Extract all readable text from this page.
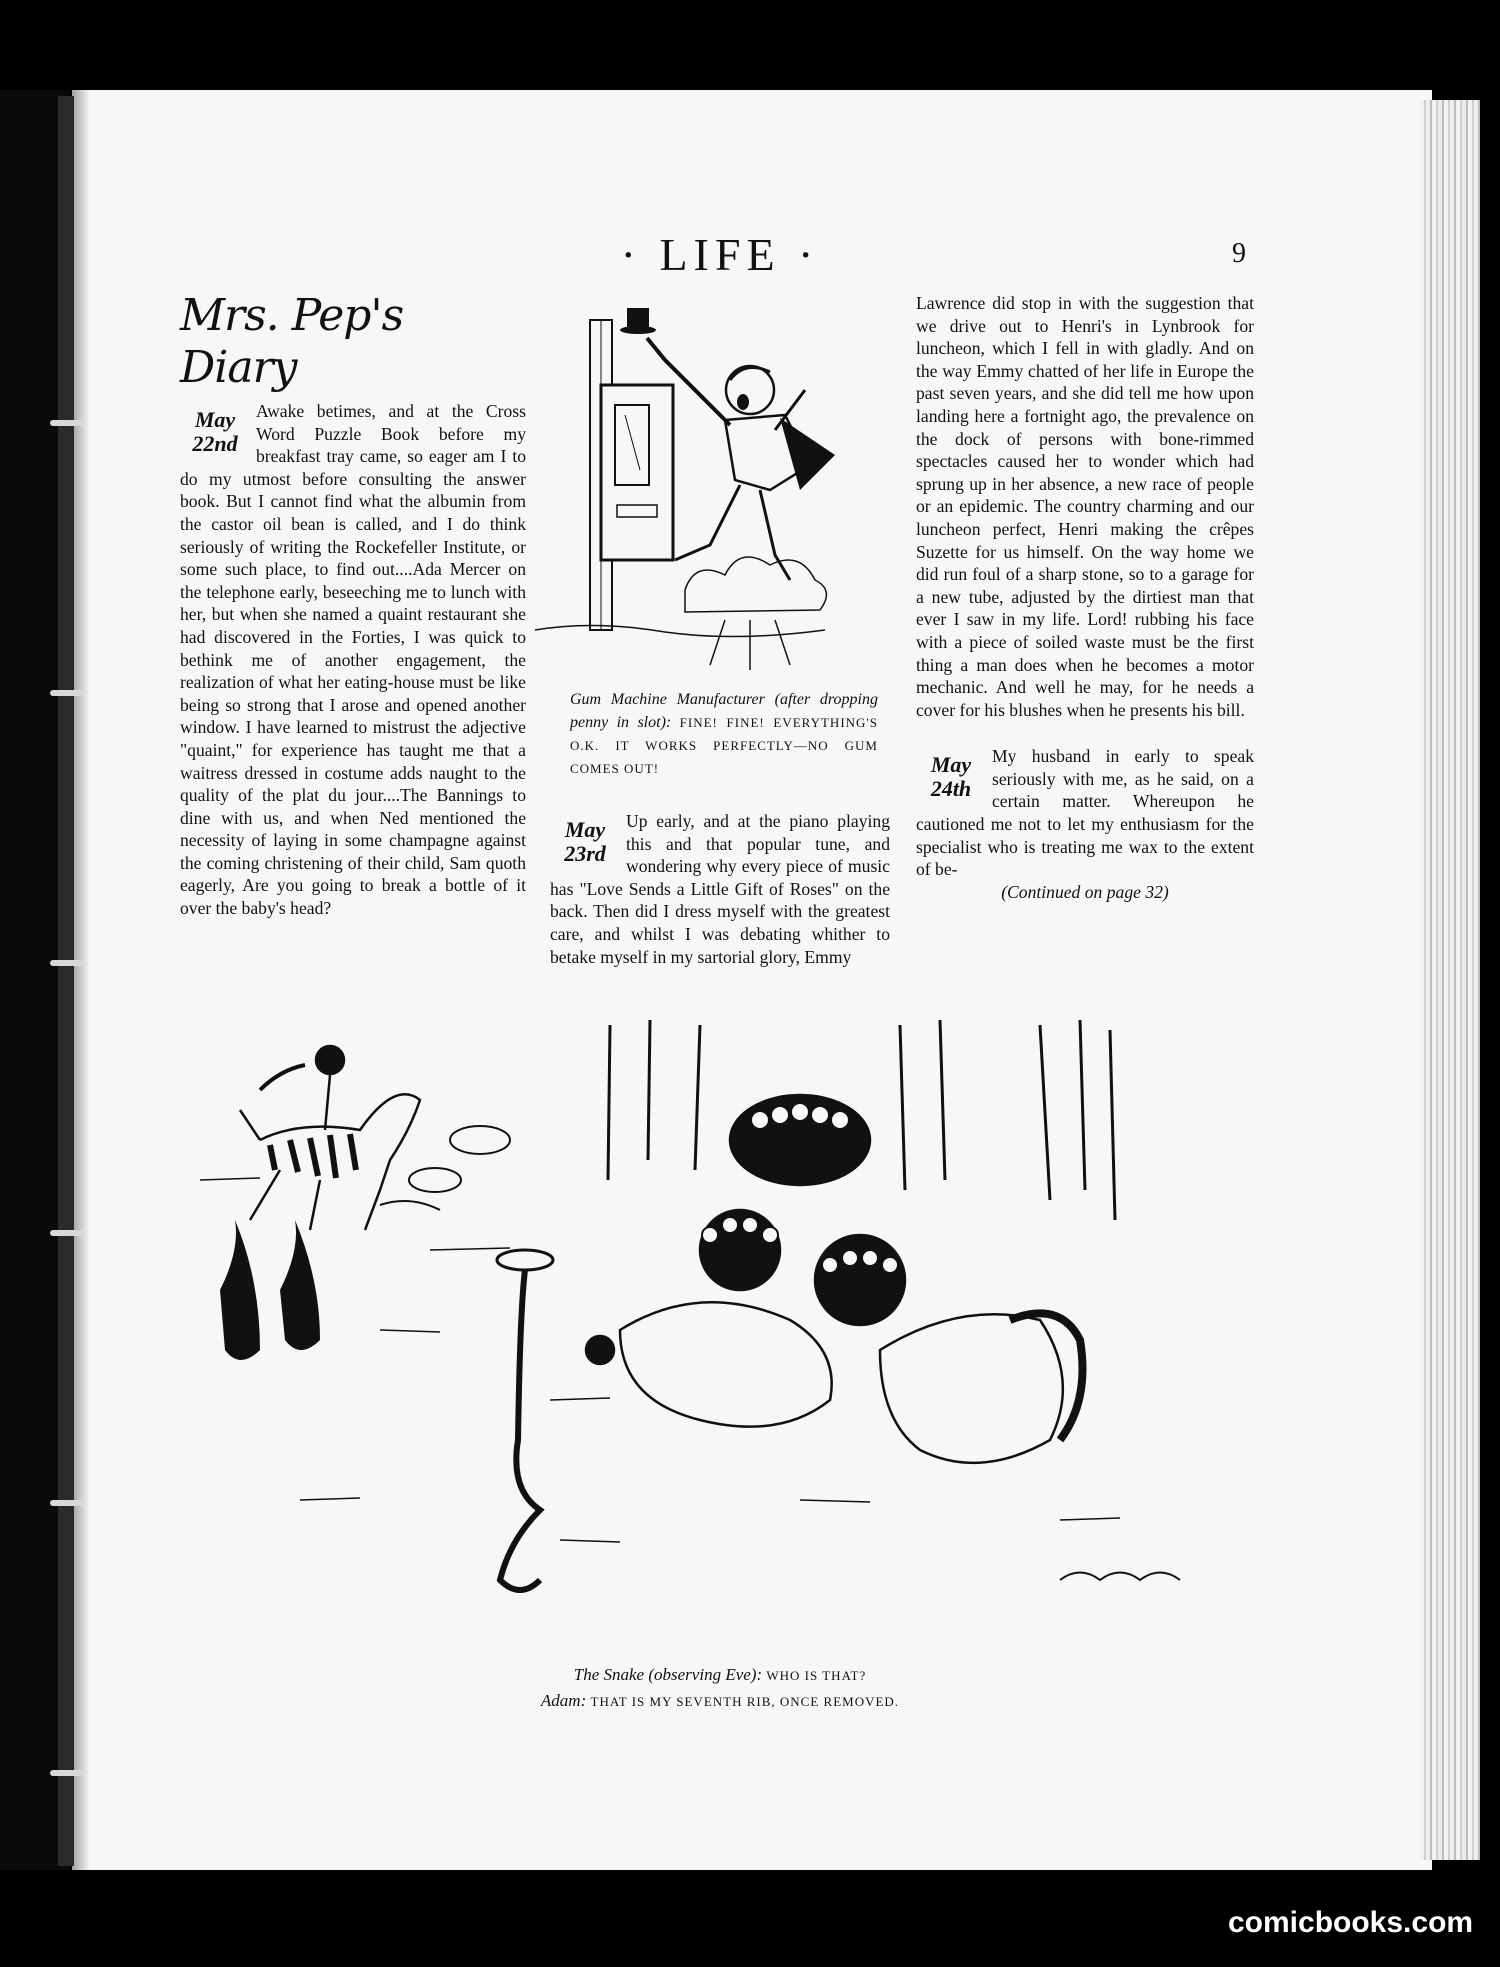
· LIFE ·	9
Mrs. Pep's Diary
May 22nd
Awake betimes, and at the Cross Word Puzzle Book before my breakfast tray came, so eager am I to do my utmost before consulting the answer book. But I cannot find what the albumin from the castor oil bean is called, and I do think seriously of writing the Rockefeller Institute, or some such place, to find out....Ada Mercer on the telephone early, beseeching me to lunch with her, but when she named a quaint restaurant she had discovered in the Forties, I was quick to bethink me of another engagement, the realization of what her eating-house must be like being so strong that I arose and opened another window. I have learned to mistrust the adjective "quaint," for experience has taught me that a waitress dressed in costume adds naught to the quality of the plat du jour....The Bannings to dine with us, and when Ned mentioned the necessity of laying in some champagne against the coming christening of their child, Sam quoth eagerly, Are you going to break a bottle of it over the baby's head?
Gum Machine Manufacturer (after dropping penny in slot): FINE! FINE! EVERYTHING'S O.K. IT WORKS PERFECTLY—NO GUM COMES OUT!
May 23rd
Up early, and at the piano playing this and that popular tune, and wondering why every piece of music has "Love Sends a Little Gift of Roses" on the back. Then did I dress myself with the greatest care, and whilst I was debating whither to betake myself in my sartorial glory, Emmy

Lawrence did stop in with the suggestion that we drive out to Henri's in Lynbrook for luncheon, which I fell in with gladly. And on the way Emmy chatted of her life in Europe the past seven years, and she did tell me how upon landing here a fortnight ago, the prevalence on the dock of persons with bone-rimmed spectacles caused her to wonder which had sprung up in her absence, a new race of people or an epidemic. The country charming and our luncheon perfect, Henri making the crêpes Suzette for us himself. On the way home we did run foul of a sharp stone, so to a garage for a new tube, adjusted by the dirtiest man that ever I saw in my life. Lord! rubbing his face with a piece of soiled waste must be the first thing a man does when he becomes a motor mechanic. And well he may, for he needs a cover for his blushes when he presents his bill.

May 24th
My husband in early to speak seriously with me, as he said, on a certain matter. Whereupon he cautioned me not to let my enthusiasm for the specialist who is treating me wax to the extent of be-
(Continued on page 32)
The Snake (observing Eve): WHO IS THAT?
Adam: THAT IS MY SEVENTH RIB, ONCE REMOVED.
comicbooks.com
